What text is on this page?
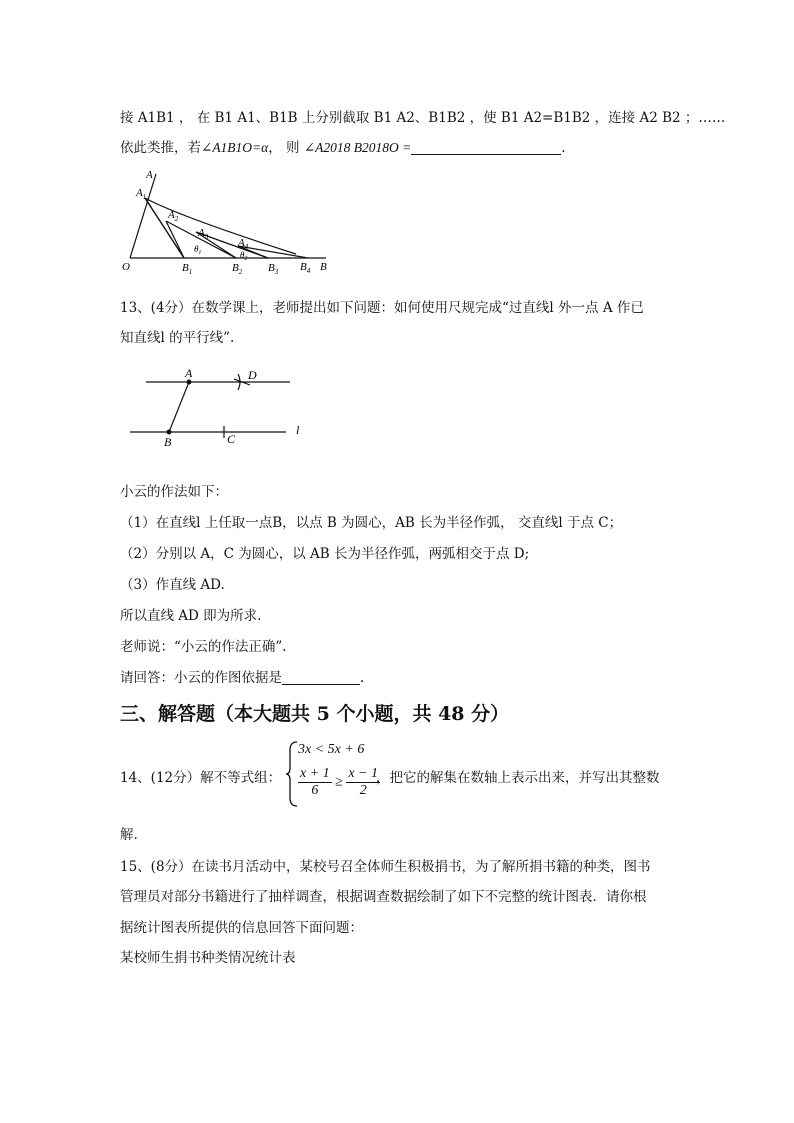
接 A1B1 ， 在 B1 A1、B1B 上分别截取 B1 A2、B1B2 ，使 B1 A2=B1B2 ，连接 A2 B2 ；……
依此类推，若∠A1B1O=α， 则 ∠A2018 B2018O =	.
A
$A_1$
$A_2$
$A_3$	$A_4$
O	$B_1$	$B_2$ $B_3$ $B_4$ B
$\theta_1$	$\theta_2$
13、(4分）在数学课上，老师提出如下问题：如何使用尺规完成“过直线l 外一点 A 作已
知直线l 的平行线”.
A	D
B	C
l
小云的作法如下：
（1）在直线l 上任取一点B，以点 B 为圆心，AB 长为半径作弧， 交直线l 于点 C；
（2）分别以 A，C 为圆心，以 AB 长为半径作弧，两弧相交于点 D;
（3）作直线 AD.
所以直线 AD 即为所求.
老师说：“小云的作法正确”.
请回答：小云的作图依据是	.
三、解答题（本大题共 5 个小题，共 48 分）
14、(12分）解不等式组：
3x < 5x + 6
$\frac{x + 1}{6} \ge \frac{x - 1}{2}$
，把它的解集在数轴上表示出来，并写出其整数
解.
15、(8分）在读书月活动中，某校号召全体师生积极捐书，为了解所捐书籍的种类，图书
管理员对部分书籍进行了抽样调查，根据调查数据绘制了如下不完整的统计图表．请你根
据统计图表所提供的信息回答下面问题：
某校师生捐书种类情况统计表
